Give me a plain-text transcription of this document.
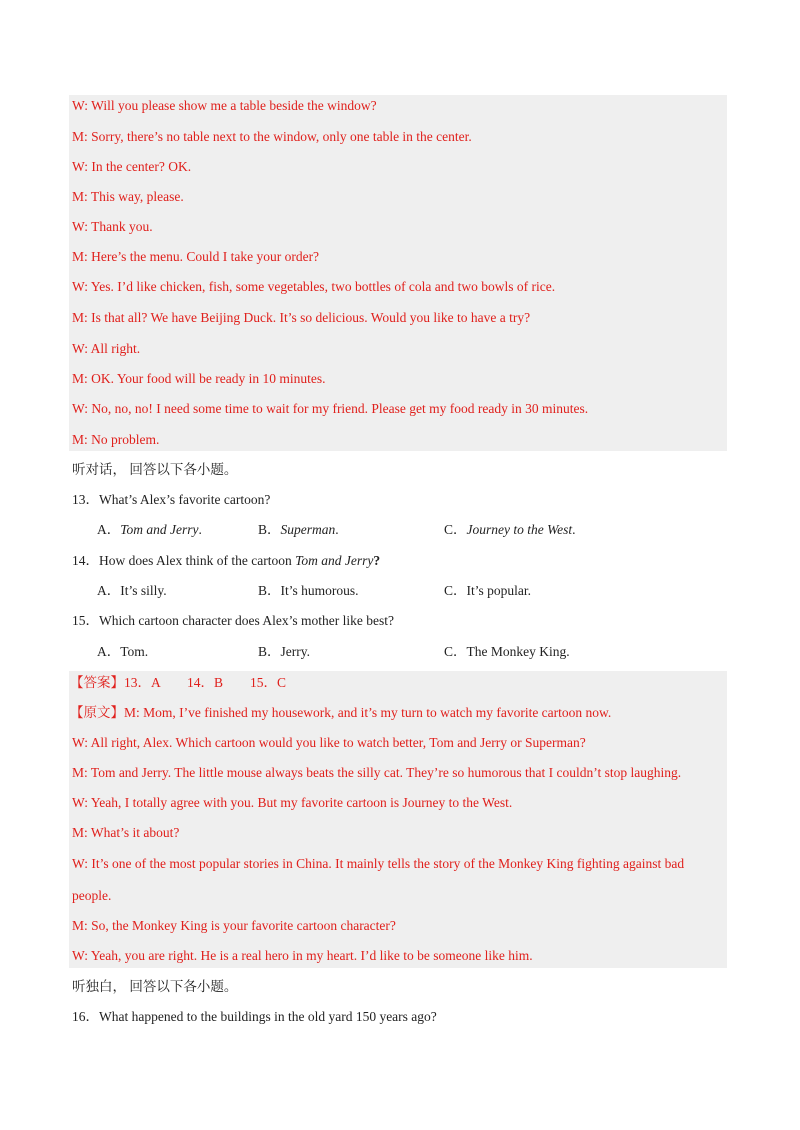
W: Will you please show me a table beside the window?
M: Sorry, there’s no table next to the window, only one table in the center.
W: In the center? OK.
M: This way, please.
W: Thank you.
M: Here’s the menu. Could I take your order?
W: Yes. I’d like chicken, fish, some vegetables, two bottles of cola and two bowls of rice.
M: Is that all? We have Beijing Duck. It’s so delicious. Would you like to have a try?
W: All right.
M: OK. Your food will be ready in 10 minutes.
W: No, no, no! I need some time to wait for my friend. Please get my food ready in 30 minutes.
M: No problem.
听对话， 回答以下各小题。
13．What’s Alex’s favorite cartoon?
A．Tom and Jerry.	B．Superman.	C．Journey to the West.
14．How does Alex think of the cartoon Tom and Jerry?
A．It’s silly.	B．It’s humorous.	C．It’s popular.
15．Which cartoon character does Alex’s mother like best?
A．Tom.	B．Jerry.	C．The Monkey King.
【答案】13．A　　14．B　　15．C
【原文】M: Mom, I’ve finished my housework, and it’s my turn to watch my favorite cartoon now.
W: All right, Alex. Which cartoon would you like to watch better, Tom and Jerry or Superman?
M: Tom and Jerry. The little mouse always beats the silly cat. They’re so humorous that I couldn’t stop laughing.
W: Yeah, I totally agree with you. But my favorite cartoon is Journey to the West.
M: What’s it about?
W: It’s one of the most popular stories in China. It mainly tells the story of the Monkey King fighting against bad
people.
M: So, the Monkey King is your favorite cartoon character?
W: Yeah, you are right. He is a real hero in my heart. I’d like to be someone like him.
听独白， 回答以下各小题。
16．What happened to the buildings in the old yard 150 years ago?
